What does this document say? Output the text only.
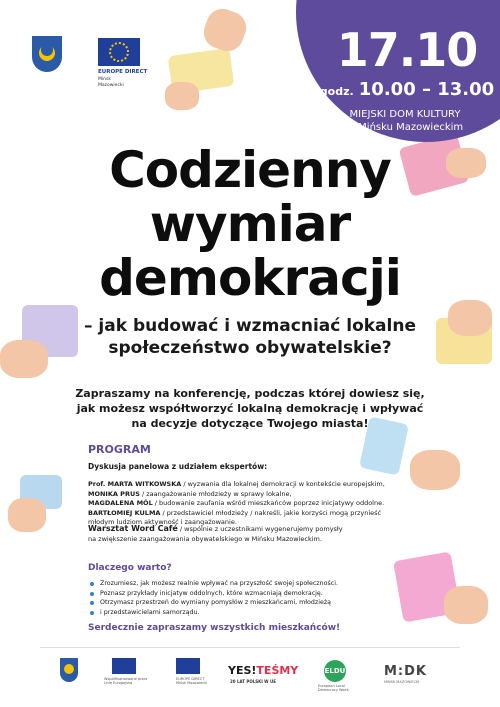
EUROPE DIRECT
Mińsk
Mazowiecki
17.10
w godz. 10.00 – 13.00
MIEJSKI DOM KULTURY
w Mińsku Mazowieckim
Codzienny
wymiar
demokracji
– jak budować i wzmacniać lokalne
społeczeństwo obywatelskie?
Zapraszamy na konferencję, podczas której dowiesz się,
jak możesz współtworzyć lokalną demokrację i wpływać
na decyzje dotyczące Twojego miasta!
PROGRAM
Dyskusja panelowa z udziałem ekspertów:
Prof. MARTA WITKOWSKA / wyzwania dla lokalnej demokracji w kontekście europejskim,
MONIKA PRUS / zaangażowanie młodzieży w sprawy lokalne,
MAGDALENA MÓL / budowanie zaufania wśród mieszkańców poprzez inicjatywy oddolne.
BARTŁOMIEJ KULMA / przedstawiciel młodzieży / nakreśli, jakie korzyści mogą przynieść
młodym ludziom aktywność i zaangażowanie.
Warsztat Word Café / wspólnie z uczestnikami wygenerujemy pomysły
na zwiększenie zaangażowania obywatelskiego w Mińsku Mazowieckim.
Dlaczego warto?
Zrozumiesz, jak możesz realnie wpływać na przyszłość swojej społeczności.
Poznasz przykłady inicjatyw oddolnych, które wzmacniają demokrację.
Otrzymasz przestrzeń do wymiany pomysłów z mieszkańcami, młodzieżą
i przedstawicielami samorządu.
Serdecznie zapraszamy wszystkich mieszkańców!
Współfinansowane przez Unię Europejską
EUROPE DIRECT
Mińsk Mazowiecki
YES!TEŚMY
20 LAT POLSKI W UE
ELDU
European Local Democracy Week
M:DK
MIŃSK MAZOWIECKI
